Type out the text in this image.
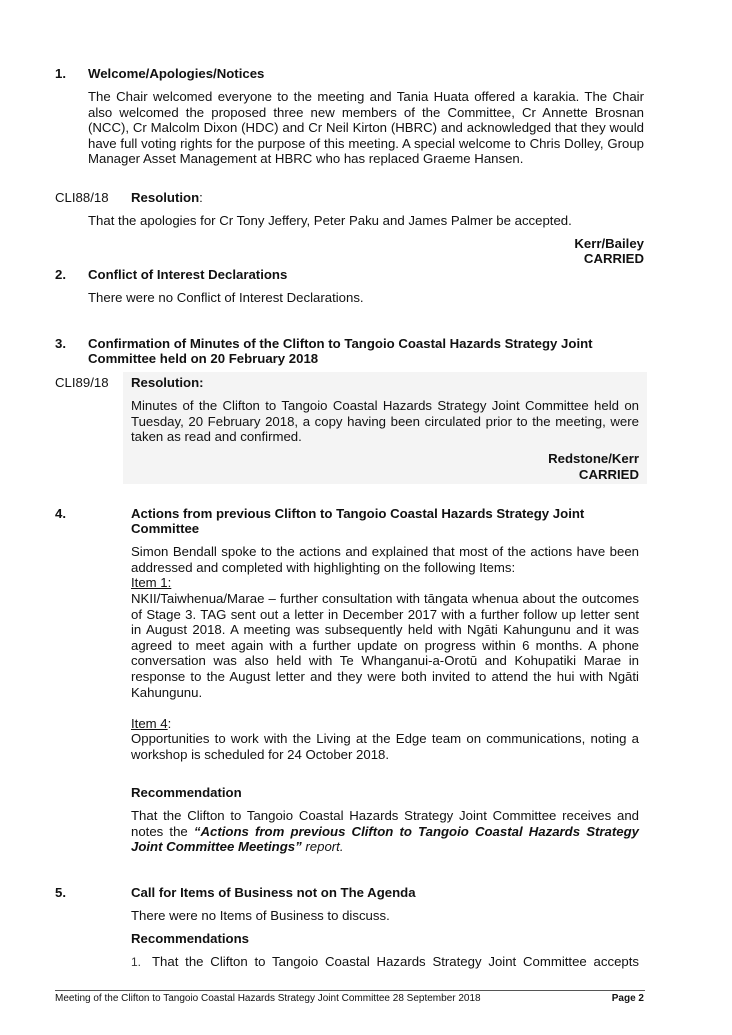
1. Welcome/Apologies/Notices
The Chair welcomed everyone to the meeting and Tania Huata offered a karakia. The Chair also welcomed the proposed three new members of the Committee, Cr Annette Brosnan (NCC), Cr Malcolm Dixon (HDC) and Cr Neil Kirton (HBRC) and acknowledged that they would have full voting rights for the purpose of this meeting. A special welcome to Chris Dolley, Group Manager Asset Management at HBRC who has replaced Graeme Hansen.
CLI88/18 Resolution:
That the apologies for Cr Tony Jeffery, Peter Paku and James Palmer be accepted.
Kerr/Bailey
CARRIED
2. Conflict of Interest Declarations
There were no Conflict of Interest Declarations.
3. Confirmation of Minutes of the Clifton to Tangoio Coastal Hazards Strategy Joint
Committee held on 20 February 2018
CLI89/18 Resolution:
Minutes of the Clifton to Tangoio Coastal Hazards Strategy Joint Committee held on Tuesday, 20 February 2018, a copy having been circulated prior to the meeting, were taken as read and confirmed.
Redstone/Kerr
CARRIED
4.	Actions from previous Clifton to Tangoio Coastal Hazards Strategy Joint
Committee
Simon Bendall spoke to the actions and explained that most of the actions have been addressed and completed with highlighting on the following Items:
Item 1:
NKII/Taiwhenua/Marae – further consultation with tāngata whenua about the outcomes of Stage 3. TAG sent out a letter in December 2017 with a further follow up letter sent in August 2018. A meeting was subsequently held with Ngāti Kahungunu and it was agreed to meet again with a further update on progress within 6 months. A phone conversation was also held with Te Whanganui-a-Orotū and Kohupatiki Marae in response to the August letter and they were both invited to attend the hui with Ngāti Kahungunu.
Item 4:
Opportunities to work with the Living at the Edge team on communications, noting a workshop is scheduled for 24 October 2018.
Recommendation
That the Clifton to Tangoio Coastal Hazards Strategy Joint Committee receives and notes the “Actions from previous Clifton to Tangoio Coastal Hazards Strategy Joint Committee Meetings” report.
5.	Call for Items of Business not on The Agenda
There were no Items of Business to discuss.
Recommendations
1. That the Clifton to Tangoio Coastal Hazards Strategy Joint Committee accepts
Meeting of the Clifton to Tangoio Coastal Hazards Strategy Joint Committee 28 September 2018	Page 2
